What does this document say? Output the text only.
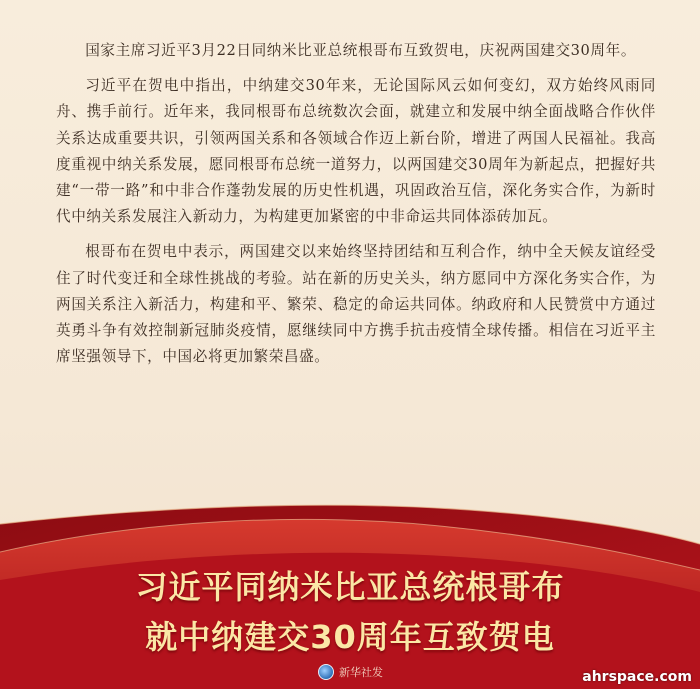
国家主席习近平3月22日同纳米比亚总统根哥布互致贺电，庆祝两国建交30周年。

习近平在贺电中指出，中纳建交30年来，无论国际风云如何变幻，双方始终风雨同舟、携手前行。近年来，我同根哥布总统数次会面，就建立和发展中纳全面战略合作伙伴关系达成重要共识，引领两国关系和各领域合作迈上新台阶，增进了两国人民福祉。我高度重视中纳关系发展，愿同根哥布总统一道努力，以两国建交30周年为新起点，把握好共建“一带一路”和中非合作蓬勃发展的历史性机遇，巩固政治互信，深化务实合作，为新时代中纳关系发展注入新动力，为构建更加紧密的中非命运共同体添砖加瓦。

根哥布在贺电中表示，两国建交以来始终坚持团结和互利合作，纳中全天候友谊经受住了时代变迁和全球性挑战的考验。站在新的历史关头，纳方愿同中方深化务实合作，为两国关系注入新活力，构建和平、繁荣、稳定的命运共同体。纳政府和人民赞赏中方通过英勇斗争有效控制新冠肺炎疫情，愿继续同中方携手抗击疫情全球传播。相信在习近平主席坚强领导下，中国必将更加繁荣昌盛。

习近平同纳米比亚总统根哥布
就中纳建交30周年互致贺电
新华社发	ahrspace.com
